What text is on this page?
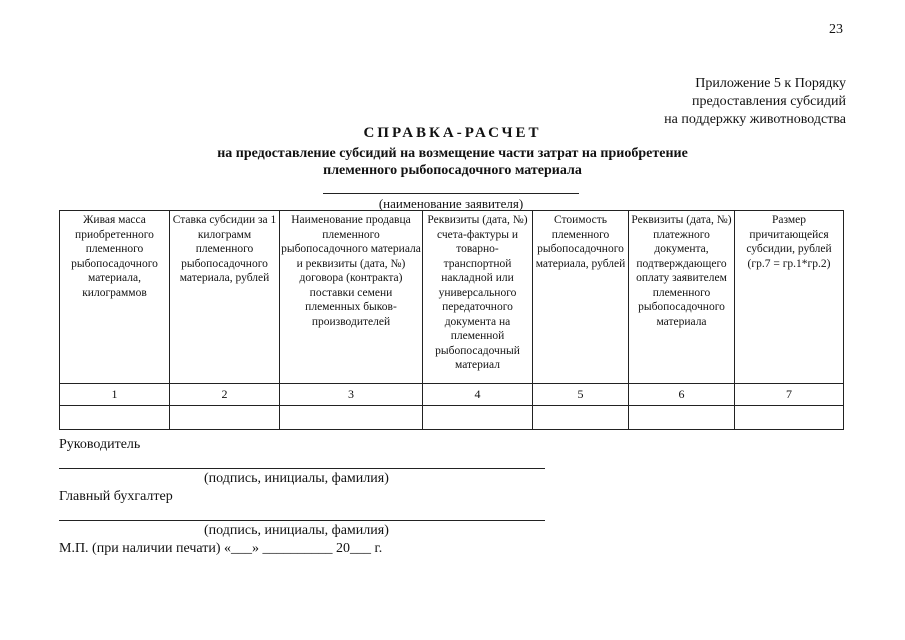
23
Приложение 5 к Порядку
предоставления субсидий
на поддержку животноводства
СПРАВКА-РАСЧЕТ
на предоставление субсидий на возмещение части затрат на приобретение
племенного рыбопосадочного материала
(наименование заявителя)
Живая масса приобретенного племенного рыбопосадочного материала, килограммов	Ставка субсидии за 1 килограмм племенного рыбопосадочного материала, рублей	Наименование продавца племенного рыбопосадочного материала и реквизиты (дата, №) договора (контракта) поставки семени племенных быков-производителей	Реквизиты (дата, №) счета-фактуры и товарно-транспортной накладной или универсального передаточного документа на племенной рыбопосадочный материал	Стоимость племенного рыбопосадочного материала, рублей	Реквизиты (дата, №) платежного документа, подтверждающего оплату заявителем племенного рыбопосадочного материала	Размер причитающейся субсидии, рублей (гр.7 = гр.1*гр.2)
1	2	3	4	5	6	7

Руководитель
(подпись, инициалы, фамилия)
Главный бухгалтер
(подпись, инициалы, фамилия)
М.П. (при наличии печати) «___» __________ 20___ г.
